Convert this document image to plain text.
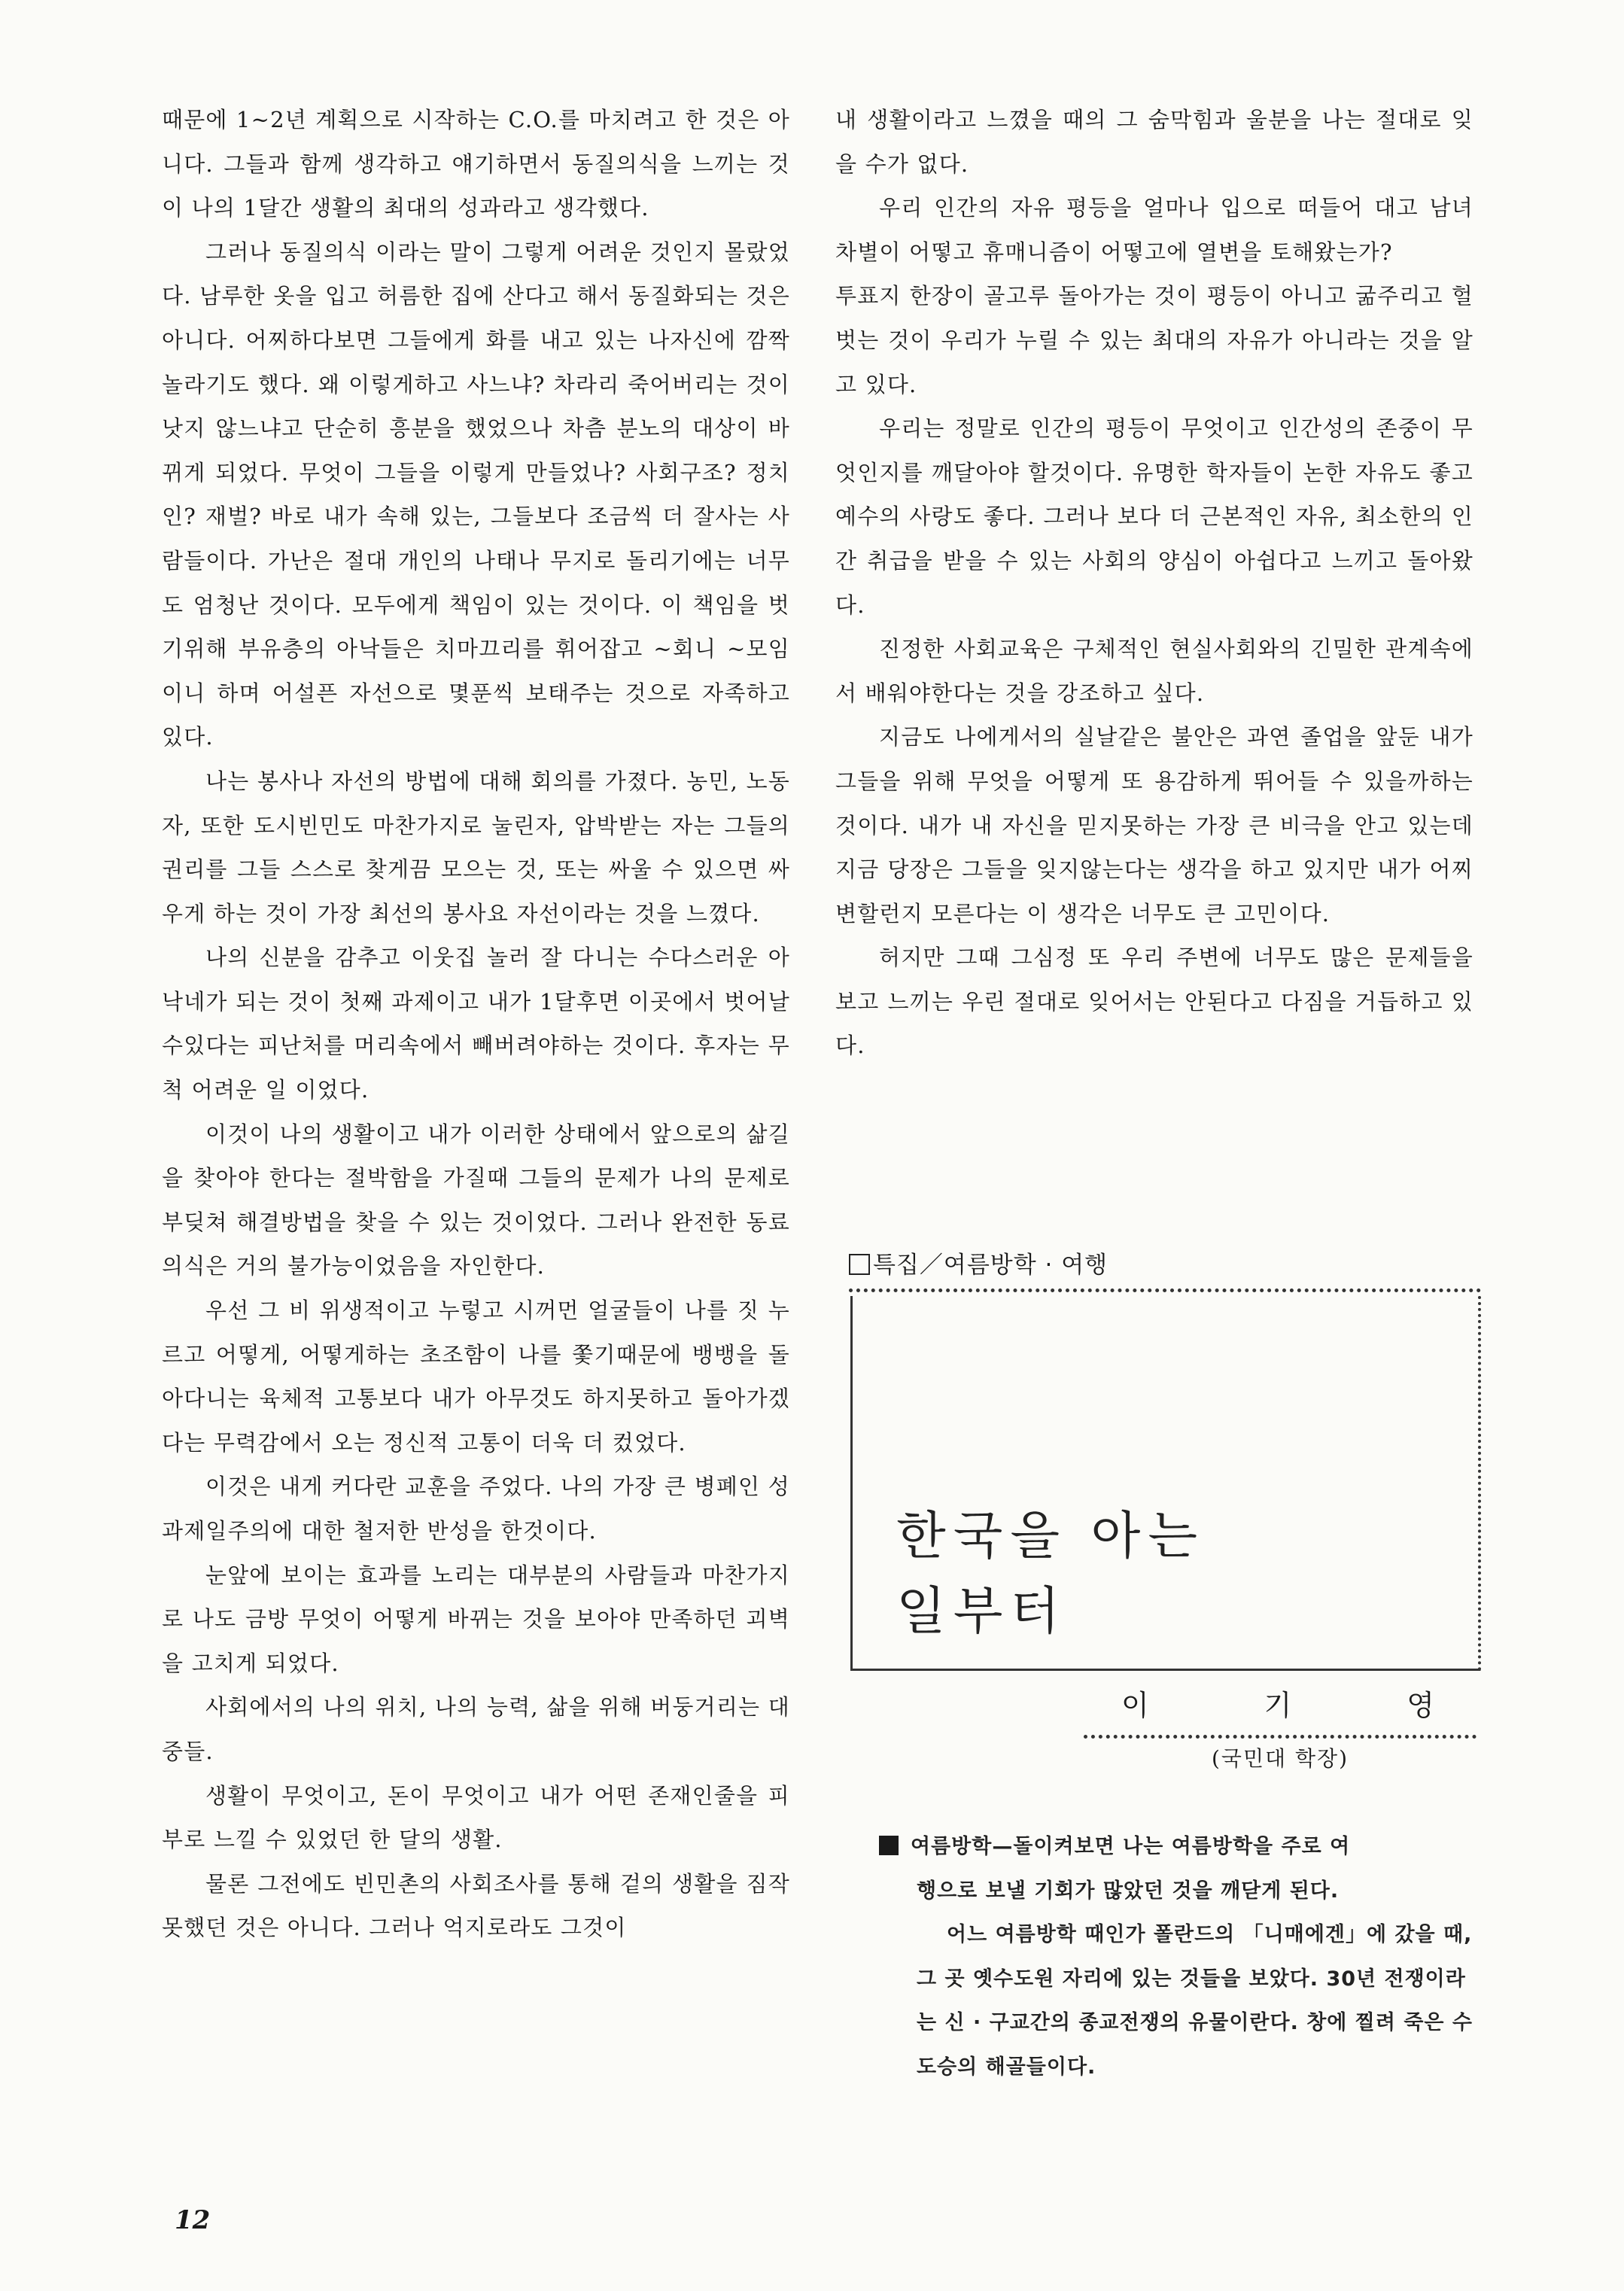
때문에 1~2년 계획으로 시작하는 C.O.를 마치려고 한 것은 아니다. 그들과 함께 생각하고 얘기하면서 동질의식을 느끼는 것이 나의 1달간 생활의 최대의 성과라고 생각했다.

그러나 동질의식 이라는 말이 그렇게 어려운 것인지 몰랐었다. 남루한 옷을 입고 허름한 집에 산다고 해서 동질화되는 것은 아니다. 어찌하다보면 그들에게 화를 내고 있는 나자신에 깜짝 놀라기도 했다. 왜 이렇게하고 사느냐? 차라리 죽어버리는 것이 낫지 않느냐고 단순히 흥분을 했었으나 차츰 분노의 대상이 바뀌게 되었다. 무엇이 그들을 이렇게 만들었나? 사회구조? 정치인? 재벌? 바로 내가 속해 있는, 그들보다 조금씩 더 잘사는 사람들이다. 가난은 절대 개인의 나태나 무지로 돌리기에는 너무도 엄청난 것이다. 모두에게 책임이 있는 것이다. 이 책임을 벗기위해 부유층의 아낙들은 치마끄리를 휘어잡고 ~회니 ~모임이니 하며 어설픈 자선으로 몇푼씩 보태주는 것으로 자족하고 있다.

나는 봉사나 자선의 방법에 대해 회의를 가졌다. 농민, 노동자, 또한 도시빈민도 마찬가지로 눌린자, 압박받는 자는 그들의 권리를 그들 스스로 찾게끔 모으는 것, 또는 싸울 수 있으면 싸우게 하는 것이 가장 최선의 봉사요 자선이라는 것을 느꼈다.

나의 신분을 감추고 이웃집 놀러 잘 다니는 수다스러운 아낙네가 되는 것이 첫째 과제이고 내가 1달후면 이곳에서 벗어날 수있다는 피난처를 머리속에서 빼버려야하는 것이다. 후자는 무척 어려운 일 이었다.

이것이 나의 생활이고 내가 이러한 상태에서 앞으로의 삶길을 찾아야 한다는 절박함을 가질때 그들의 문제가 나의 문제로 부딪쳐 해결방법을 찾을 수 있는 것이었다. 그러나 완전한 동료 의식은 거의 불가능이었음을 자인한다.

우선 그 비 위생적이고 누렇고 시꺼먼 얼굴들이 나를 짓 누르고 어떻게, 어떻게하는 초조함이 나를 쫓기때문에 뱅뱅을 돌아다니는 육체적 고통보다 내가 아무것도 하지못하고 돌아가겠다는 무력감에서 오는 정신적 고통이 더욱 더 컸었다.

이것은 내게 커다란 교훈을 주었다. 나의 가장 큰 병폐인 성과제일주의에 대한 철저한 반성을 한것이다.

눈앞에 보이는 효과를 노리는 대부분의 사람들과 마찬가지로 나도 금방 무엇이 어떻게 바뀌는 것을 보아야 만족하던 괴벽을 고치게 되었다.

사회에서의 나의 위치, 나의 능력, 삶을 위해 버둥거리는 대중들.

생활이 무엇이고, 돈이 무엇이고 내가 어떤 존재인줄을 피부로 느낄 수 있었던 한 달의 생활.

물론 그전에도 빈민촌의 사회조사를 통해 겉의 생활을 짐작 못했던 것은 아니다. 그러나 억지로라도 그것이

내 생활이라고 느꼈을 때의 그 숨막힘과 울분을 나는 절대로 잊을 수가 없다.

우리 인간의 자유 평등을 얼마나 입으로 떠들어 대고 남녀 차별이 어떻고 휴매니즘이 어떻고에 열변을 토해왔는가?

투표지 한장이 골고루 돌아가는 것이 평등이 아니고 굶주리고 헐벗는 것이 우리가 누릴 수 있는 최대의 자유가 아니라는 것을 알고 있다.

우리는 정말로 인간의 평등이 무엇이고 인간성의 존중이 무엇인지를 깨달아야 할것이다. 유명한 학자들이 논한 자유도 좋고 예수의 사랑도 좋다. 그러나 보다 더 근본적인 자유, 최소한의 인간 취급을 받을 수 있는 사회의 양심이 아쉽다고 느끼고 돌아왔다.

진정한 사회교육은 구체적인 현실사회와의 긴밀한 관계속에서 배워야한다는 것을 강조하고 싶다.

지금도 나에게서의 실날같은 불안은 과연 졸업을 앞둔 내가 그들을 위해 무엇을 어떻게 또 용감하게 뛰어들 수 있을까하는 것이다. 내가 내 자신을 믿지못하는 가장 큰 비극을 안고 있는데 지금 당장은 그들을 잊지않는다는 생각을 하고 있지만 내가 어찌 변할런지 모른다는 이 생각은 너무도 큰 고민이다.

허지만 그때 그심정 또 우리 주변에 너무도 많은 문제들을 보고 느끼는 우린 절대로 잊어서는 안된다고 다짐을 거듭하고 있다.

특집／여름방학 · 여행
한국을 아는
일부터
이	기	영
(국민대 학장)

여름방학—돌이켜보면 나는 여름방학을 주로 여

행으로 보낼 기회가 많았던 것을 깨닫게 된다.

어느 여름방학 때인가 폴란드의 「니매에겐」에 갔을 때, 그 곳 옛수도원 자리에 있는 것들을 보았다. 30년 전쟁이라는 신 · 구교간의 종교전쟁의 유물이란다. 창에 찔려 죽은 수도승의 해골들이다.

12
